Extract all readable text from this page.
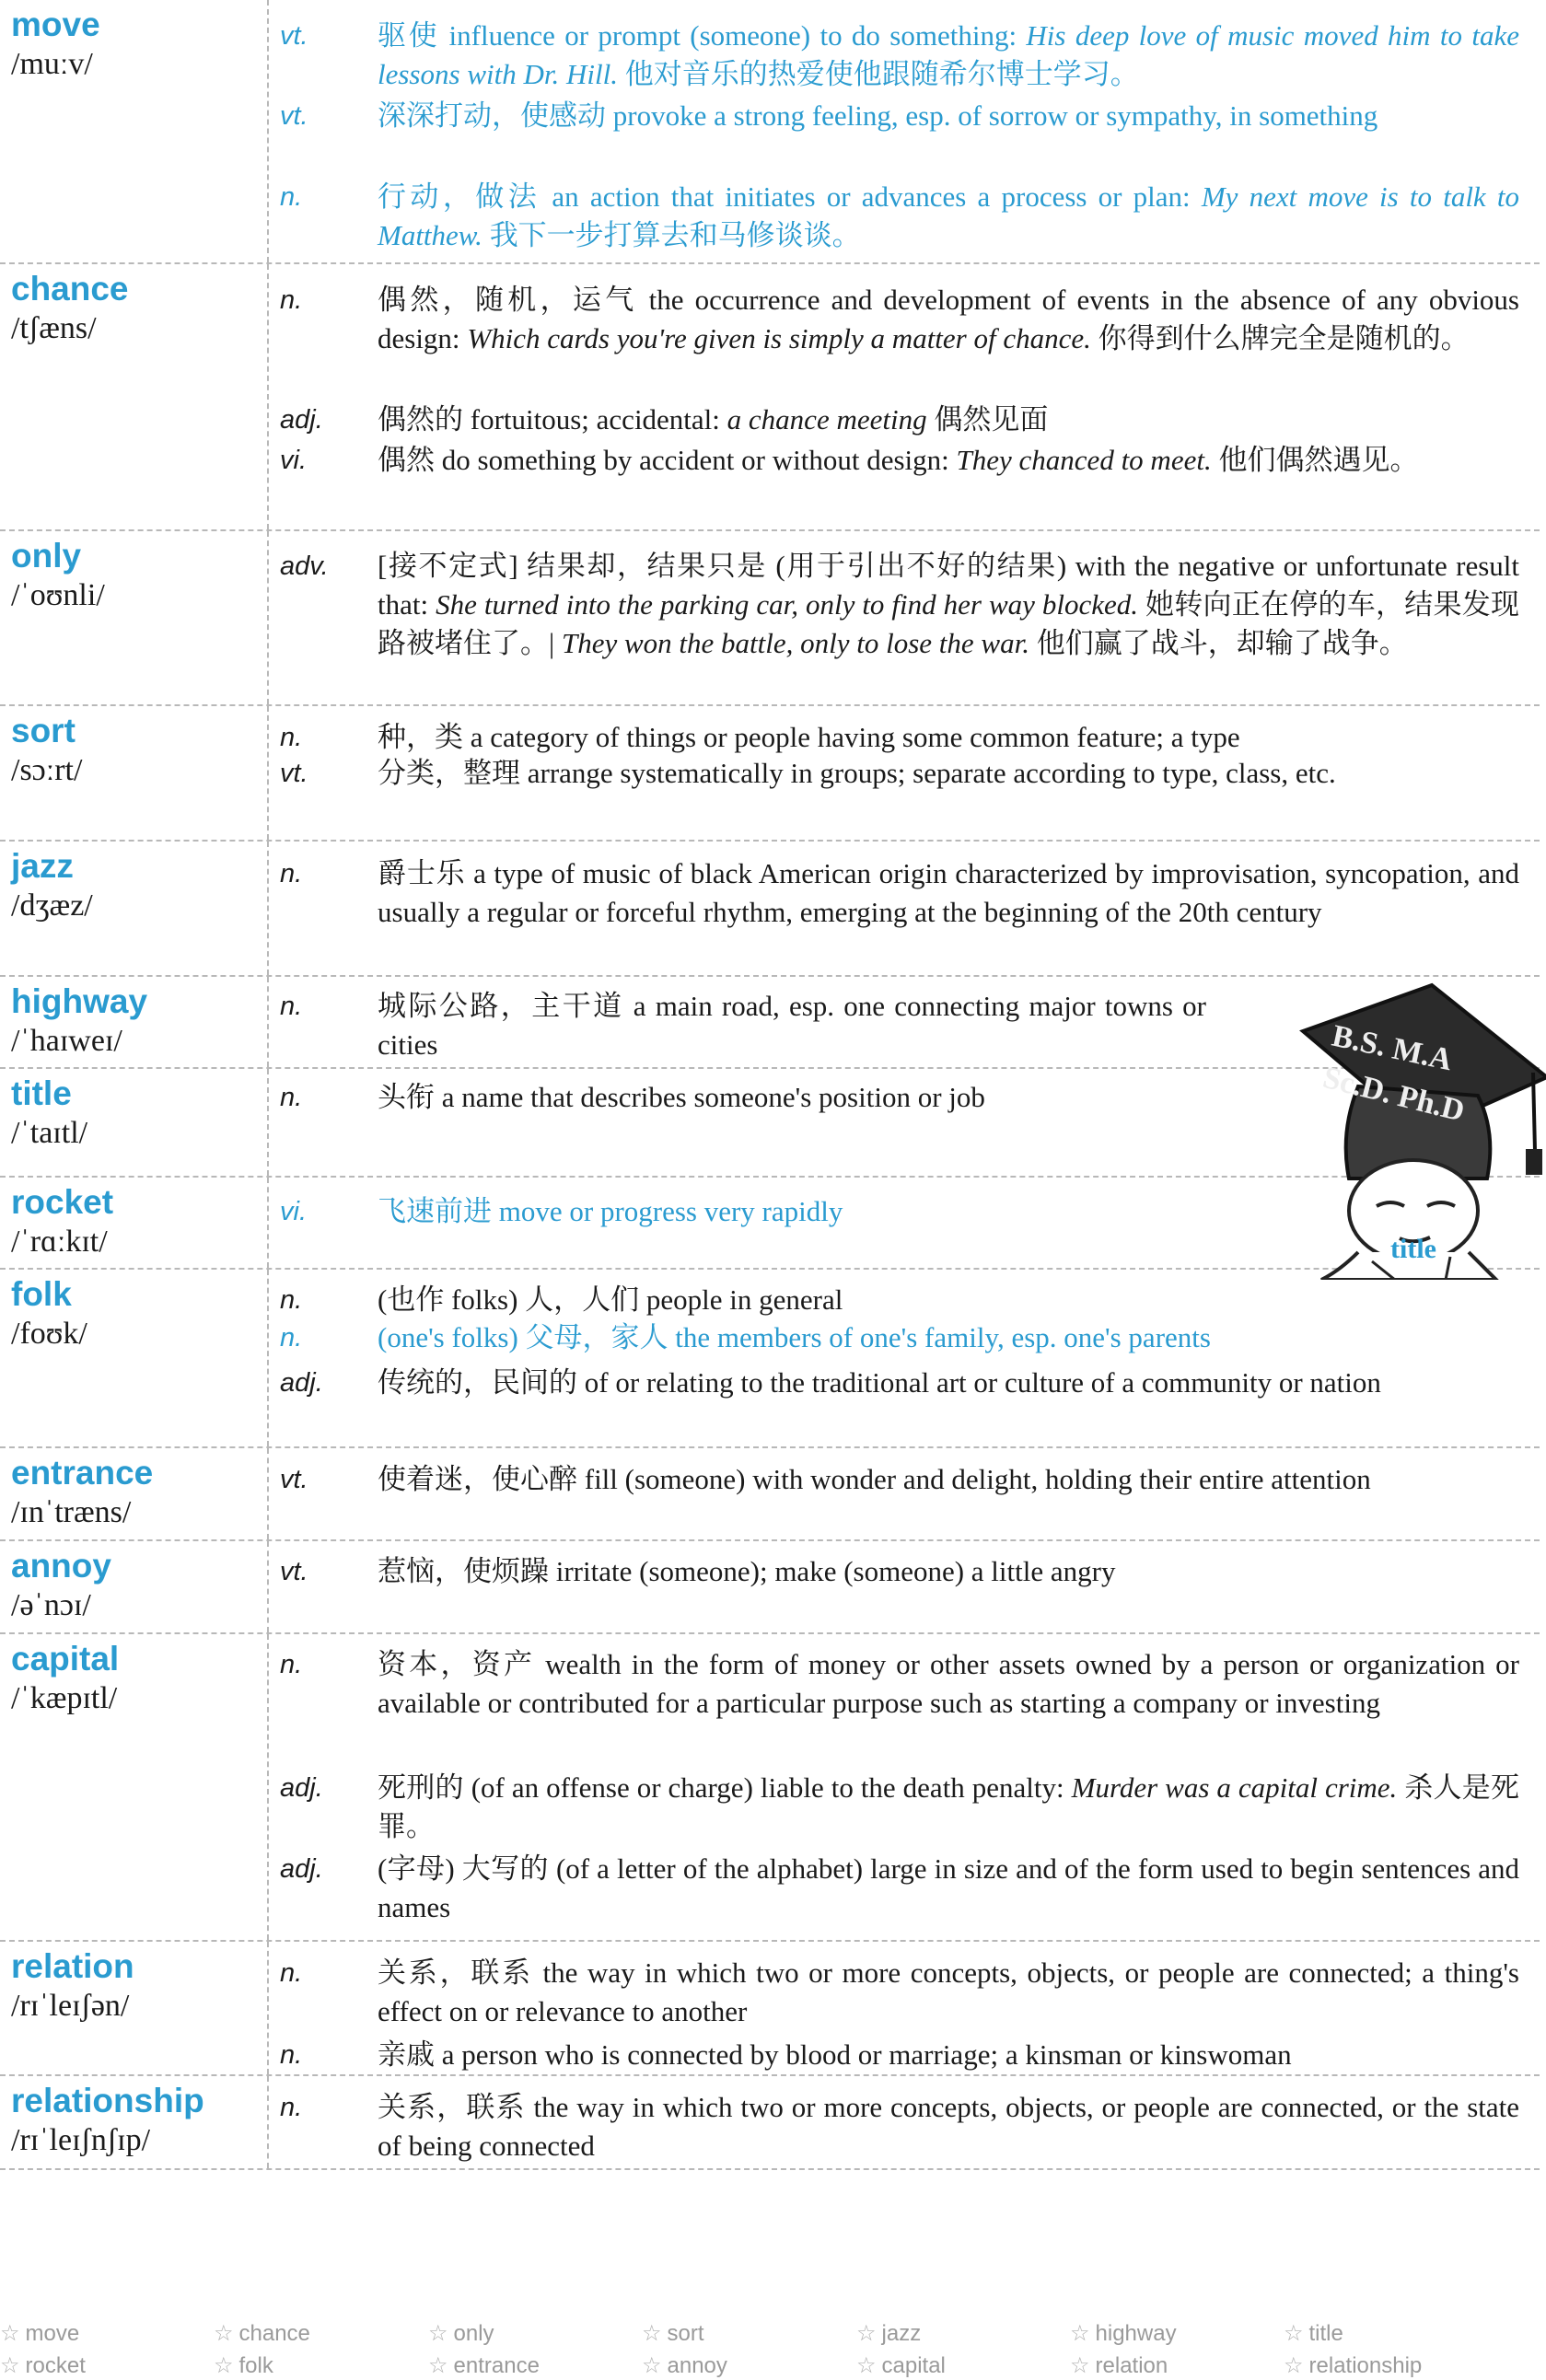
move
/muːv/
vt.	驱使 influence or prompt (someone) to do something: His deep love of music moved him to take lessons with Dr. Hill. 他对音乐的热爱使他跟随希尔博士学习。
vt.	深深打动，使感动 provoke a strong feeling, esp. of sorrow or sympathy, in something
n.	行动，做法 an action that initiates or advances a process or plan: My next move is to talk to Matthew. 我下一步打算去和马修谈谈。
chance
/tʃæns/
n.	偶然，随机，运气 the occurrence and development of events in the absence of any obvious design: Which cards you're given is simply a matter of chance. 你得到什么牌完全是随机的。
adj.	偶然的 fortuitous; accidental: a chance meeting 偶然见面
vi.	偶然 do something by accident or without design: They chanced to meet. 他们偶然遇见。
only
/ˈoʊnli/
adv.	[接不定式] 结果却，结果只是 (用于引出不好的结果) with the negative or unfortunate result that: She turned into the parking car, only to find her way blocked. 她转向正在停的车，结果发现路被堵住了。| They won the battle, only to lose the war. 他们赢了战斗，却输了战争。
sort
/sɔːrt/
n.	种，类 a category of things or people having some common feature; a type
vt.	分类，整理 arrange systematically in groups; separate according to type, class, etc.
jazz
/dʒæz/
n.	爵士乐 a type of music of black American origin characterized by improvisation, syncopation, and usually a regular or forceful rhythm, emerging at the beginning of the 20th century
highway
/ˈhaɪweɪ/
n.	城际公路，主干道 a main road, esp. one connecting major towns or cities
title
/ˈtaɪtl/
n.	头衔 a name that describes someone's position or job
rocket
/ˈrɑːkɪt/
vi.	飞速前进 move or progress very rapidly
folk
/foʊk/
n.	(也作 folks) 人，人们 people in general
n.	(one's folks) 父母，家人 the members of one's family, esp. one's parents
adj.	传统的，民间的 of or relating to the traditional art or culture of a community or nation
entrance
/ɪnˈtræns/
vt.	使着迷，使心醉 fill (someone) with wonder and delight, holding their entire attention
annoy
/əˈnɔɪ/
vt.	惹恼，使烦躁 irritate (someone); make (someone) a little angry
capital
/ˈkæpɪtl/
n.	资本，资产 wealth in the form of money or other assets owned by a person or organization or available or contributed for a particular purpose such as starting a company or investing
adj.	死刑的 (of an offense or charge) liable to the death penalty: Murder was a capital crime. 杀人是死罪。
adj.	(字母) 大写的 (of a letter of the alphabet) large in size and of the form used to begin sentences and names
relation
/rɪˈleɪʃən/
n.	关系，联系 the way in which two or more concepts, objects, or people are connected; a thing's effect on or relevance to another
n.	亲戚 a person who is connected by blood or marriage; a kinsman or kinswoman
relationship
/rɪˈleɪʃnʃɪp/
n.	关系，联系 the way in which two or more concepts, objects, or people are connected, or the state of being connected
B.S. M.A
Sc.D. Ph.D
title
☆ move	☆ chance	☆ only	☆ sort	☆ jazz	☆ highway	☆ title
☆ rocket	☆ folk	☆ entrance	☆ annoy	☆ capital	☆ relation	☆ relationship
